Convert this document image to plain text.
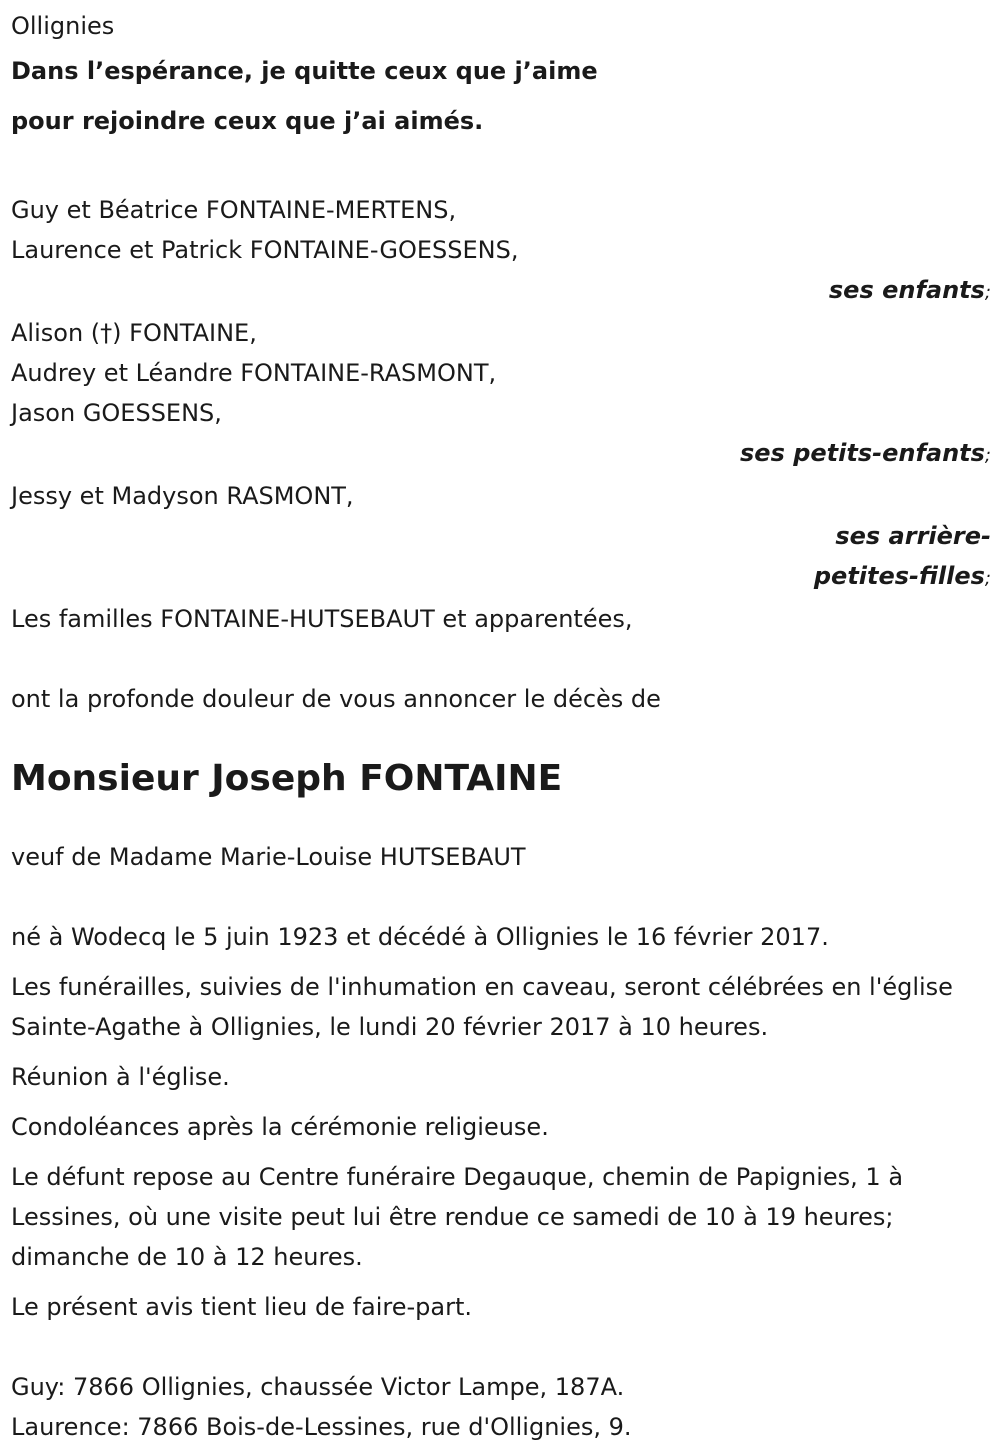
Ollignies
Dans l’espérance, je quitte ceux que j’aime
pour rejoindre ceux que j’ai aimés.
Guy et Béatrice FONTAINE-MERTENS,
Laurence et Patrick FONTAINE-GOESSENS,
ses enfants;
Alison (†) FONTAINE,
Audrey et Léandre FONTAINE-RASMONT,
Jason GOESSENS,
ses petits-enfants;
Jessy et Madyson RASMONT,
ses arrière-
petites-filles;
Les familles FONTAINE-HUTSEBAUT et apparentées,
ont la profonde douleur de vous annoncer le décès de
Monsieur Joseph FONTAINE
veuf de Madame Marie-Louise HUTSEBAUT
né à Wodecq le 5 juin 1923 et décédé à Ollignies le 16 février 2017.
Les funérailles, suivies de l'inhumation en caveau, seront célébrées en l'église Sainte-Agathe à Ollignies, le lundi 20 février 2017 à 10 heures.
Réunion à l'église.
Condoléances après la cérémonie religieuse.
Le défunt repose au Centre funéraire Degauque, chemin de Papignies, 1 à Lessines, où une visite peut lui être rendue ce samedi de 10 à 19 heures; dimanche de 10 à 12 heures.
Le présent avis tient lieu de faire-part.
Guy: 7866 Ollignies, chaussée Victor Lampe, 187A.
Laurence: 7866 Bois-de-Lessines, rue d'Ollignies, 9.
